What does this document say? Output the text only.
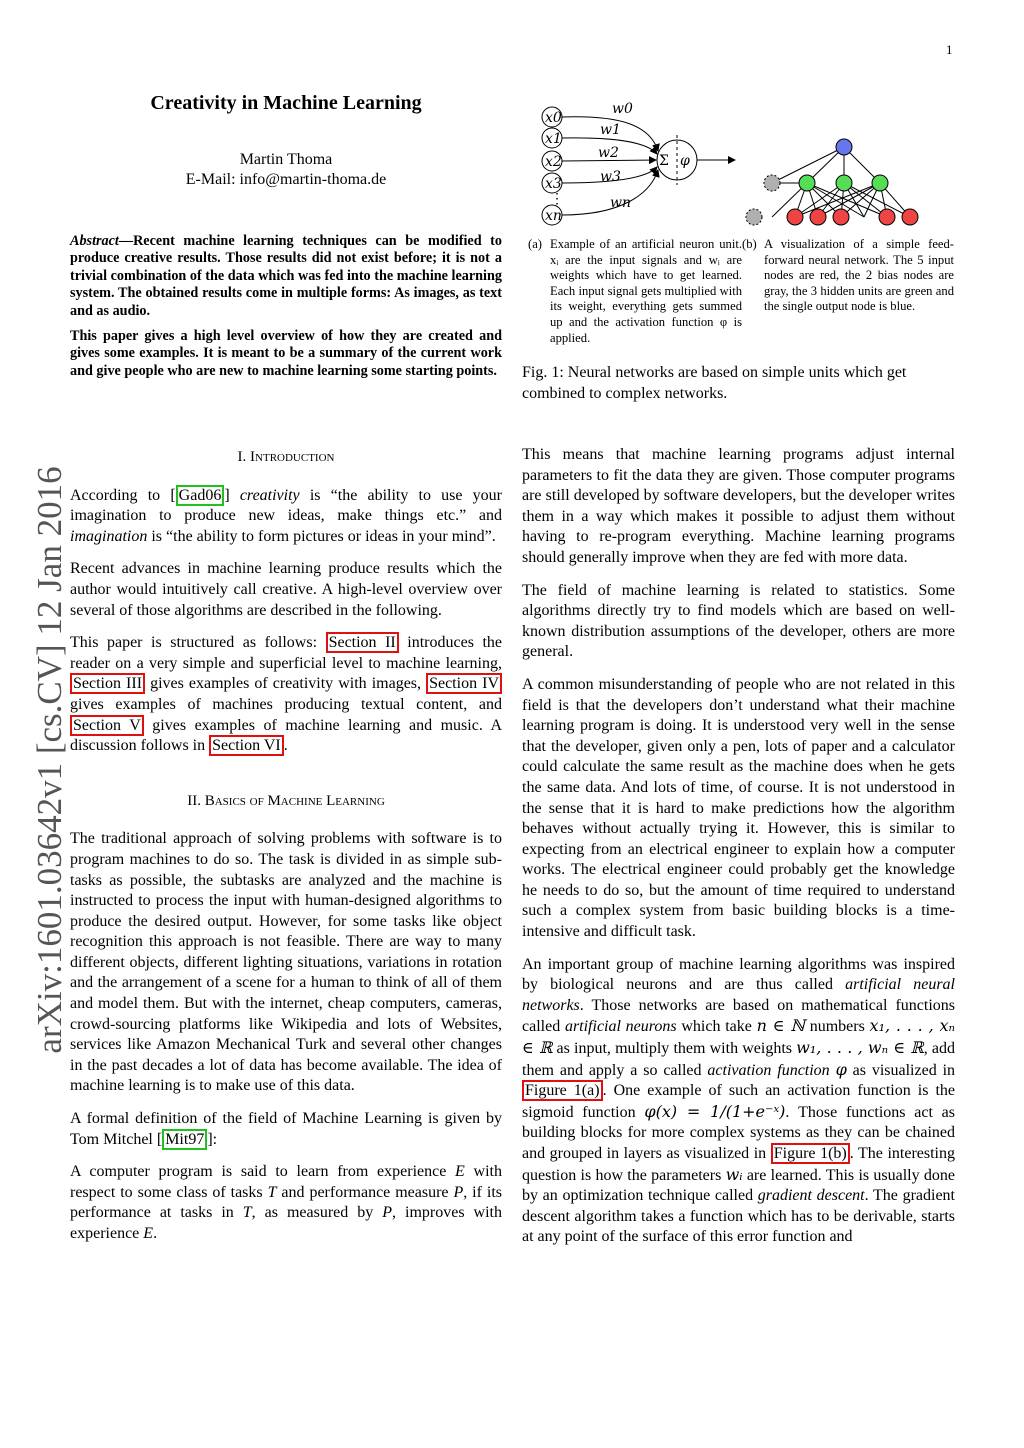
1
arXiv:1601.03642v1 [cs.CV] 12 Jan 2016
Creativity in Machine Learning
Martin Thoma
E-Mail: info@martin-thoma.de

Abstract—Recent machine learning techniques can be modified to produce creative results. Those results did not exist before; it is not a trivial combination of the data which was fed into the machine learning system. The obtained results come in multiple forms: As images, as text and as audio.

This paper gives a high level overview of how they are created and gives some examples. It is meant to be a summary of the current work and give people who are new to machine learning some starting points.

x0
x1
x2
x3
xn
⋮
w0
w1
w2
w3
wn
Σ φ
(a) Example of an artificial neuron unit. xᵢ are the input signals and wᵢ are weights which have to get learned. Each input signal gets multiplied with its weight, everything gets summed up and the activation function φ is applied.
(b) A visualization of a simple feed-forward neural network. The 5 input nodes are red, the 2 bias nodes are gray, the 3 hidden units are green and the single output node is blue.
Fig. 1: Neural networks are based on simple units which get combined to complex networks.

I. Introduction

According to [ Gad06 ] creativity is “the ability to use your imagination to produce new ideas, make things etc.” and imagination is “the ability to form pictures or ideas in your mind”.

Recent advances in machine learning produce results which the author would intuitively call creative. A high-level overview over several of those algorithms are described in the following.

This paper is structured as follows: Section II introduces the reader on a very simple and superficial level to machine learning, Section III gives examples of creativity with images, Section IV gives examples of machines producing textual content, and Section V gives examples of machine learning and music. A discussion follows in Section VI .

II. Basics of Machine Learning

The traditional approach of solving problems with software is to program machines to do so. The task is divided in as simple sub-tasks as possible, the subtasks are analyzed and the machine is instructed to process the input with human-designed algorithms to produce the desired output. However, for some tasks like object recognition this approach is not feasible. There are way to many different objects, different lighting situations, variations in rotation and the arrangement of a scene for a human to think of all of them and model them. But with the internet, cheap computers, cameras, crowd-sourcing platforms like Wikipedia and lots of Websites, services like Amazon Mechanical Turk and several other changes in the past decades a lot of data has become available. The idea of machine learning is to make use of this data.

A formal definition of the field of Machine Learning is given by Tom Mitchel [ Mit97 ]:

A computer program is said to learn from experience E with respect to some class of tasks T and performance measure P, if its performance at tasks in T, as measured by P, improves with experience E.

This means that machine learning programs adjust internal parameters to fit the data they are given. Those computer programs are still developed by software developers, but the developer writes them in a way which makes it possible to adjust them without having to re-program everything. Machine learning programs should generally improve when they are fed with more data.

The field of machine learning is related to statistics. Some algorithms directly try to find models which are based on well-known distribution assumptions of the developer, others are more general.

A common misunderstanding of people who are not related in this field is that the developers don’t understand what their machine learning program is doing. It is understood very well in the sense that the developer, given only a pen, lots of paper and a calculator could calculate the same result as the machine does when he gets the same data. And lots of time, of course. It is not understood in the sense that it is hard to make predictions how the algorithm behaves without actually trying it. However, this is similar to expecting from an electrical engineer to explain how a computer works. The electrical engineer could probably get the knowledge he needs to do so, but the amount of time required to understand such a complex system from basic building blocks is a time-intensive and difficult task.

An important group of machine learning algorithms was inspired by biological neurons and are thus called artificial neural networks. Those networks are based on mathematical functions called artificial neurons which take n ∈ ℕ numbers x₁, . . . , xₙ ∈ ℝ as input, multiply them with weights w₁, . . . , wₙ ∈ ℝ, add them and apply a so called activation function φ as visualized in Figure 1(a) . One example of such an activation function is the sigmoid function φ(x) = 1/(1+e⁻ˣ). Those functions act as building blocks for more complex systems as they can be chained and grouped in layers as visualized in Figure 1(b) . The interesting question is how the parameters wᵢ are learned. This is usually done by an optimization technique called gradient descent. The gradient descent algorithm takes a function which has to be derivable, starts at any point of the surface of this error function and
